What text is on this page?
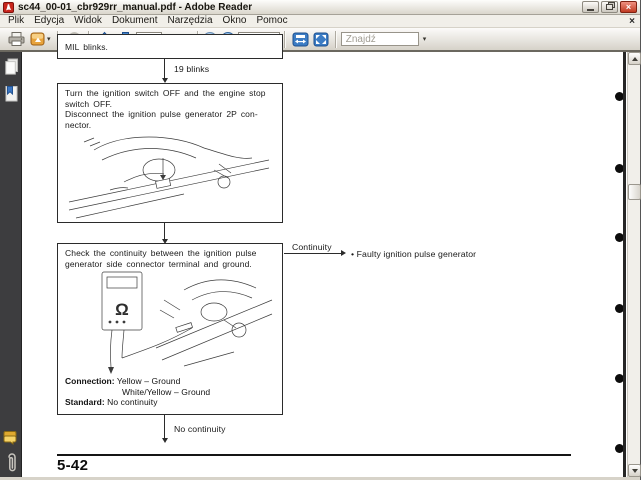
sc44_00-01_cbr929rr_manual.pdf - Adobe Reader	×
Plik	Edycja	Widok	Dokument	Narzędzia	Okno	Pomoc	×
▾
155
Znajdź	▾
MIL blinks.
19 blinks
Turn the ignition switch OFF and the engine stop
switch OFF.
Disconnect the ignition pulse generator 2P con-
nector.
Check the continuity between the ignition pulse
generator side connector terminal and ground.
Ω
Connection: Yellow – Ground
White/Yellow – Ground
Standard: No continuity
Continuity
• Faulty ignition pulse generator
No continuity
5-42
